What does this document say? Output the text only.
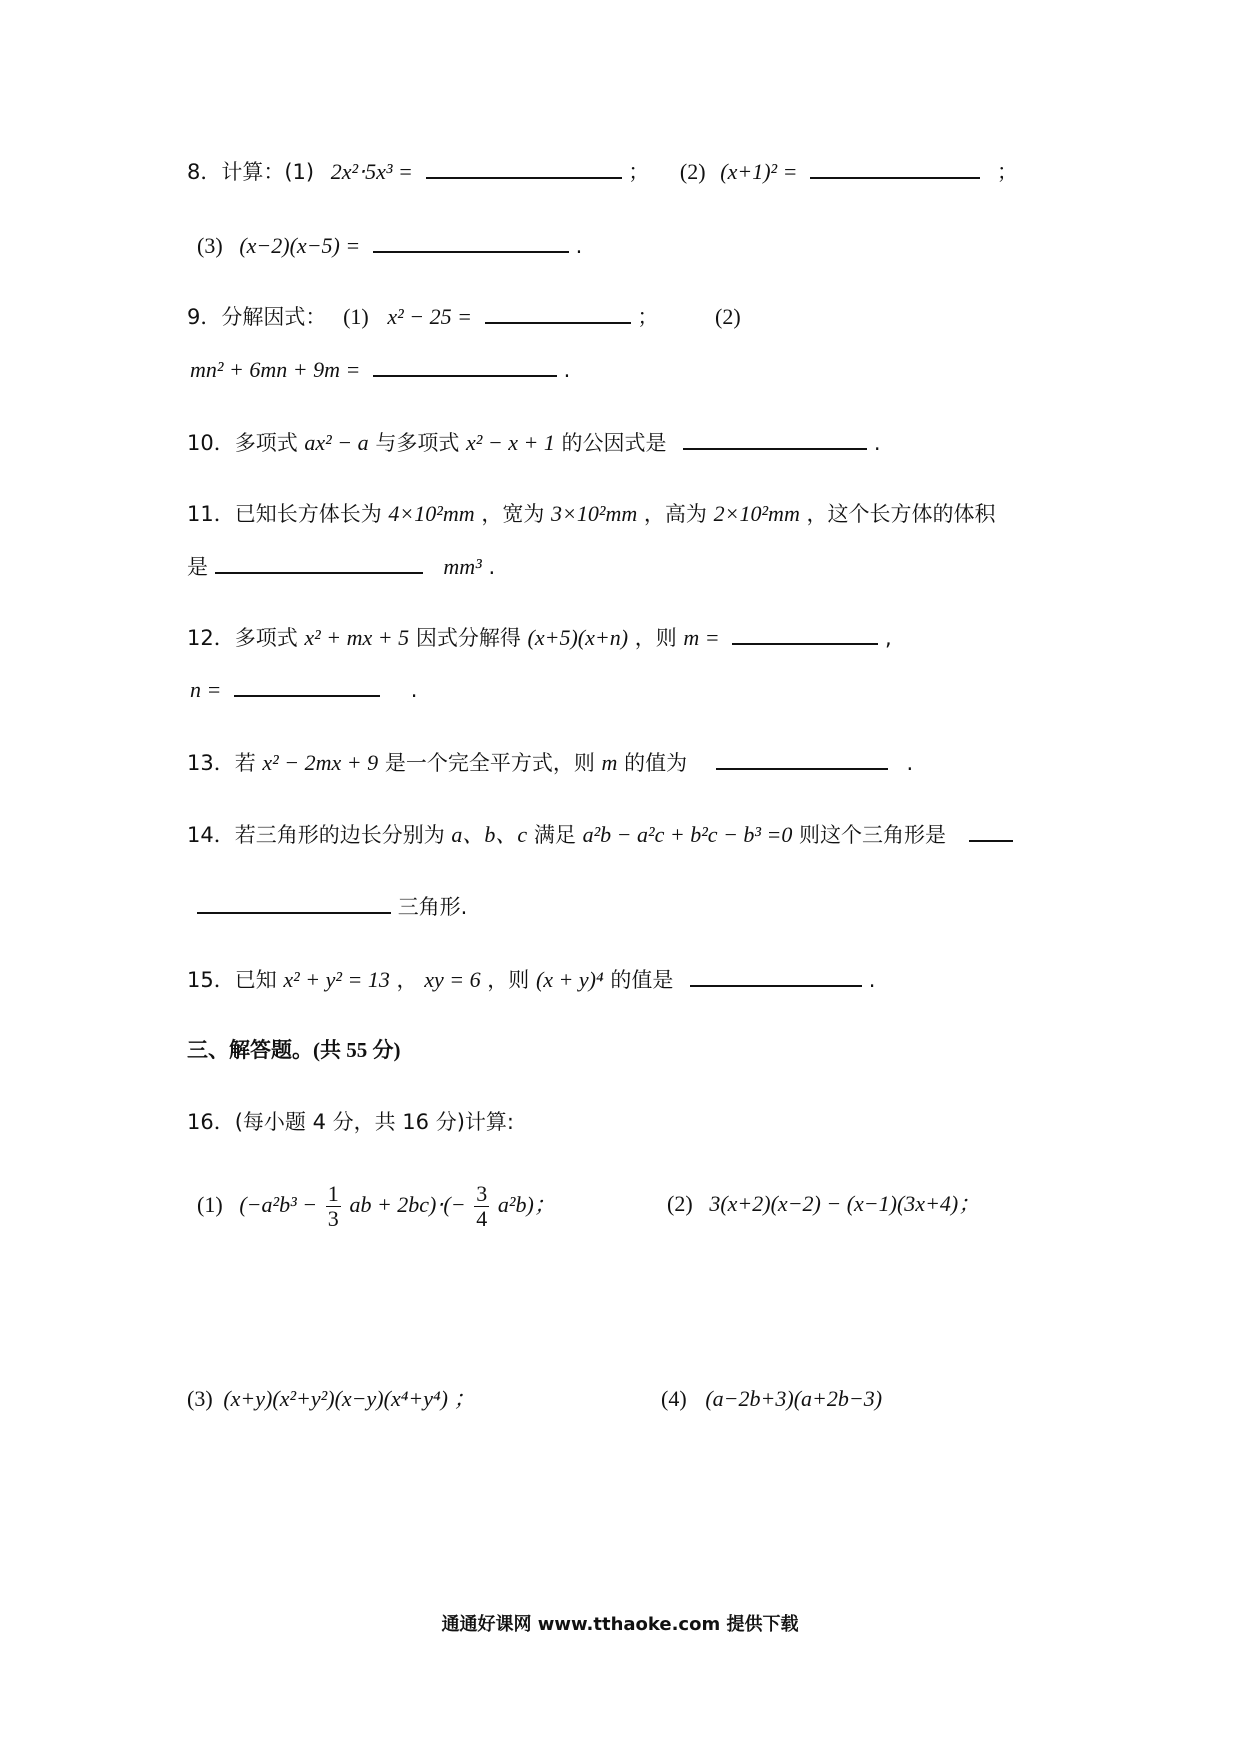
8．计算：(1) 2x²⋅5x³ =	； (2) (x+1)² =	；
(3) (x−2)(x−5) =	.
9．分解因式： (1) x² − 25 =	；	(2)
mn² + 6mn + 9m =	.
10．多项式 ax² − a 与多项式 x² − x + 1 的公因式是	.
11．已知长方体长为 4×10²mm ，宽为 3×10²mm ，高为 2×10²mm ，这个长方体的体积
是	mm³ .
12．多项式 x² + mx + 5 因式分解得 (x+5)(x+n) ，则 m =	,
n =	.
13．若 x² − 2mx + 9 是一个完全平方式，则 m 的值为	.
14．若三角形的边长分别为 a、b、c 满足 a²b − a²c + b²c − b³ =0 则这个三角形是
三角形.
15．已知 x² + y² = 13 ， xy = 6 ，则 (x + y)⁴ 的值是	.
三、解答题。(共 55 分)
16．(每小题 4 分，共 16 分)计算:
(1) ($-a^2b^3 - \frac{1}{3}$ ab + $2bc)\cdot(- \frac{3}{4} a^2b)$；	(2) 3(x+2)(x−2) − (x−1)(3x+4)；
(3) (x+y)(x²+y²)(x−y)(x⁴+y⁴) ；	(4) (a−2b+3)(a+2b−3)
通通好课网 www.tthaoke.com 提供下载
